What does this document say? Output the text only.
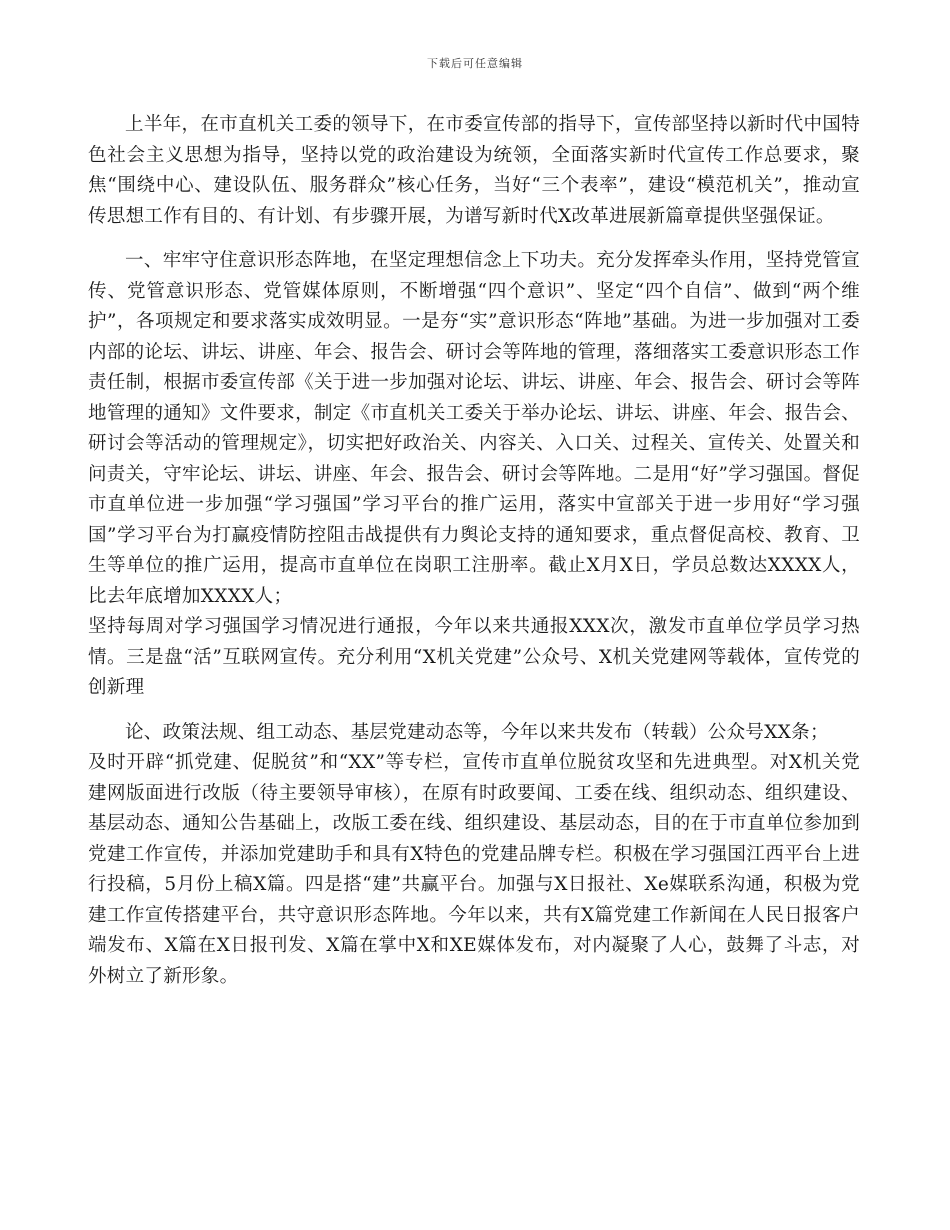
下载后可任意编辑

上半年，在市直机关工委的领导下，在市委宣传部的指导下，宣传部坚持以新时代中国特色社会主义思想为指导，坚持以党的政治建设为统领，全面落实新时代宣传工作总要求，聚焦“围绕中心、建设队伍、服务群众”核心任务，当好“三个表率”，建设“模范机关”，推动宣传思想工作有目的、有计划、有步骤开展，为谱写新时代X改革进展新篇章提供坚强保证。

一、牢牢守住意识形态阵地，在坚定理想信念上下功夫。充分发挥牵头作用，坚持党管宣传、党管意识形态、党管媒体原则，不断增强“四个意识”、坚定“四个自信”、做到“两个维护”，各项规定和要求落实成效明显。一是夯“实”意识形态“阵地”基础。为进一步加强对工委内部的论坛、讲坛、讲座、年会、报告会、研讨会等阵地的管理，落细落实工委意识形态工作责任制，根据市委宣传部《关于进一步加强对论坛、讲坛、讲座、年会、报告会、研讨会等阵地管理的通知》文件要求，制定《市直机关工委关于举办论坛、讲坛、讲座、年会、报告会、研讨会等活动的管理规定》，切实把好政治关、内容关、入口关、过程关、宣传关、处置关和问责关，守牢论坛、讲坛、讲座、年会、报告会、研讨会等阵地。二是用“好”学习强国。督促市直单位进一步加强“学习强国”学习平台的推广运用，落实中宣部关于进一步用好“学习强国”学习平台为打赢疫情防控阻击战提供有力舆论支持的通知要求，重点督促高校、教育、卫生等单位的推广运用，提高市直单位在岗职工注册率。截止X月X日，学员总数达XXXX人，比去年底增加XXXX人；

坚持每周对学习强国学习情况进行通报，今年以来共通报XXX次，激发市直单位学员学习热情。三是盘“活”互联网宣传。充分利用“X机关党建”公众号、X机关党建网等载体，宣传党的创新理

论、政策法规、组工动态、基层党建动态等，今年以来共发布（转载）公众号XX条；

及时开辟“抓党建、促脱贫”和“XX”等专栏，宣传市直单位脱贫攻坚和先进典型。对X机关党建网版面进行改版（待主要领导审核），在原有时政要闻、工委在线、组织动态、组织建设、基层动态、通知公告基础上，改版工委在线、组织建设、基层动态，目的在于市直单位参加到党建工作宣传，并添加党建助手和具有X特色的党建品牌专栏。积极在学习强国江西平台上进行投稿，5月份上稿X篇。四是搭“建”共赢平台。加强与X日报社、Xe媒联系沟通，积极为党建工作宣传搭建平台，共守意识形态阵地。今年以来，共有X篇党建工作新闻在人民日报客户端发布、X篇在X日报刊发、X篇在掌中X和XE媒体发布，对内凝聚了人心，鼓舞了斗志，对外树立了新形象。
